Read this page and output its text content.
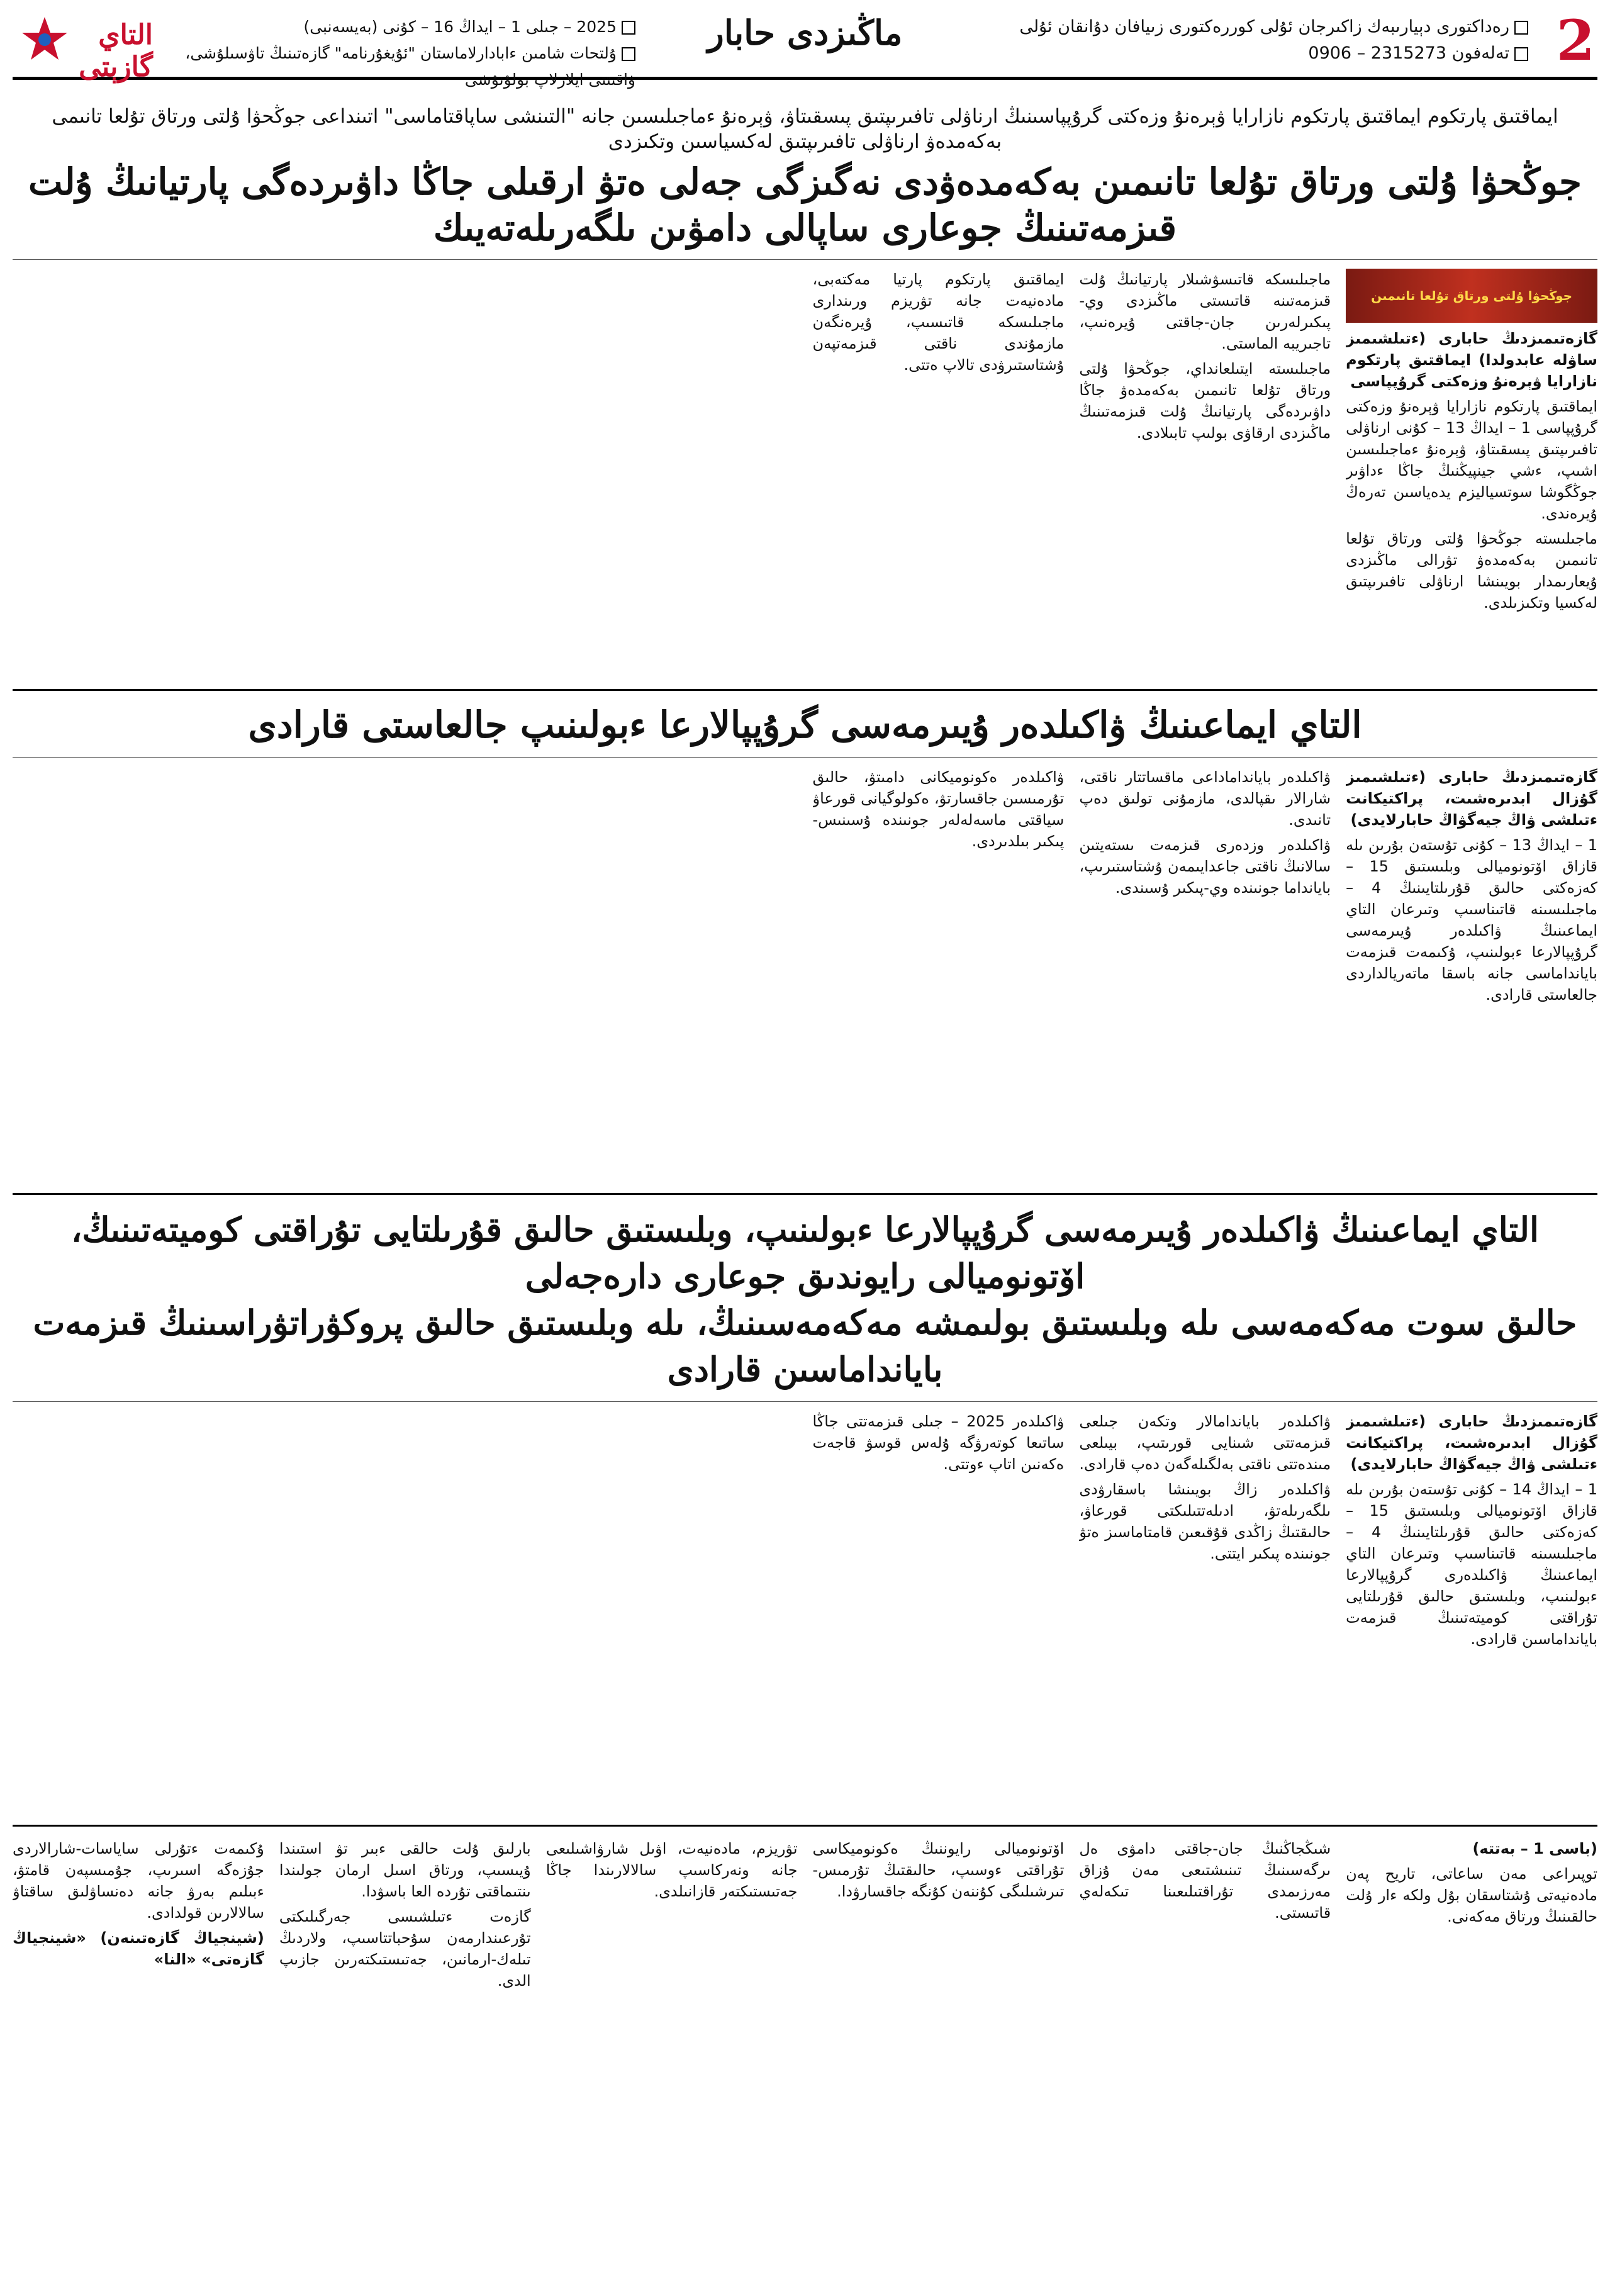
2
رەداكتورى دېيارىبەك زاكىرجان ئۇلى كوررەكتورى زىيافان دۇانقان ئۇلى
تەلەفون 2315273 – 0906
ماڭىزدى حابار
2025 – جىلى 1 – ايداڭ 16 – كۇنى (بەيسەنبى)
ۇلتحات شامىن ءابادارلاماستان "ئۇيغۇرنامە" گازەتىنىڭ تاۋسىلۇشى، ۋاقىتتى ايلارلاپ بولۇنۇشى
التاي گازېتى
ايماقتىق پارتكوم ايماقتىق پارتكوم نازارايا ۋېرەنۇ وزەكتى گرۇپپاسىنىڭ ارناۋلى تافىرىپتىق پىسقىتاۋ، ۋېرەنۇ ءماجىلىسىن جانە "التىنشى ساپاقتاماسى" اتىنداعى جوڭحۋا ۇلتى ورتاق تۇلعا تانىمى بەكەمدەۋ ارناۋلى تافىرىپتىق لەكسياسىن وتكىزدى
جوڭحۋا ۇلتى ورتاق تۇلعا تانىمىن بەكەمدەۋدى نەگىزگى جەلى ەتۋ ارقىلى جاڭا داۋىردەگى پارتيانىڭ ۇلت قىزمەتىنىڭ جوعارى ساپالى دامۋىن ىلگەرىلەتەيىك
جوڭحۋا ۇلتى ورتاق تۇلعا تانىمىن

گازەتىمىزدىڭ حابارى (ءتىلشىمىز ساۋلە عابدولدا) ايماقتىق پارتكوم نازارايا ۋېرەنۇ وزەكتى گرۇپپاسى

ايماقتىق پارتكوم نازارايا ۋېرەنۇ وزەكتى گرۇپپاسى 1 – ايداڭ 13 – كۇنى ارناۋلى تافىرىپتىق پىسقىتاۋ، ۋېرەنۇ ءماجىلىسىن اشىپ، ءشي جينپيڭنىڭ جاڭا ءداۋىر جوڭگوشا سوتسياليزم يدەياسىن تەرەڭ ۇيرەندى.

ماجىلىستە جوڭحۋا ۇلتى ورتاق تۇلعا تانىمىن بەكەمدەۋ تۋرالى ماڭىزدى ۇيعارىمدار بويىنشا ارناۋلى تافىرىپتىق لەكسيا وتكىزىلدى.

ماجىلىسكە قاتىسۋشىلار پارتيانىڭ ۇلت قىزمەتىنە قاتىستى ماڭىزدى وي-پىكىرلەرىن جان-جاقتى ۇيرەنىپ، تاجىريبە الماستى.

ماجىلىستە ايتىلعانداي، جوڭحۋا ۇلتى ورتاق تۇلعا تانىمىن بەكەمدەۋ جاڭا داۋىردەگى پارتيانىڭ ۇلت قىزمەتىنىڭ ماڭىزدى ارقاۋى بولىپ تابىلادى.

ايماقتىق پارتكوم پارتيا مەكتەبى، مادەنيەت جانە تۋريزم ورىندارى ماجىلىسكە قاتىسىپ، ۇيرەنگەن مازمۇندى ناقتى قىزمەتپەن ۇشتاستىرۋدى تالاپ ەتتى.

التاي ايماعىنىڭ ۋاكىلدەر ۇيىرمەسى گرۇپپالارعا ءبولىنىپ جالعاستى قارادى

گازەتىمىزدىڭ حابارى (ءتىلشىمىز گۇزال ابدىرەشىت، پراكتيكانت ءتىلشى ۋاڭ جيەگۋاڭ حابارلايدى)

1 – ايداڭ 13 – كۇنى تۇستەن بۇرىن ىلە قازاق اۆتونوميالى وبلىستىق 15 – كەزەكتى حالىق قۇرىلتايىنىڭ 4 – ماجىلىسىنە قاتىناسىپ وتىرعان التاي ايماعىنىڭ ۋاكىلدەر ۇيىرمەسى گرۇپپالارعا ءبولىنىپ، ۇكىمەت قىزمەت بايانداماسى جانە باسقا ماتەريالداردى جالعاستى قارادى.

ۋاكىلدەر بايانداماداعى ماقساتتار ناقتى، شارالار ىقپالدى، مازمۇنى تولىق دەپ تانىدى.

ۋاكىلدەر وزدەرى قىزمەت ىستەيتىن سالانىڭ ناقتى جاعدايىمەن ۇشتاستىرىپ، بايانداما جونىندە وي-پىكىر ۇسىندى.

ۋاكىلدەر ەكونوميكانى دامىتۋ، حالىق تۇرمىسىن جاقسارتۋ، ەكولوگيانى قورعاۋ سياقتى ماسەلەلەر جونىندە ۇسىنىس-پىكىر بىلدىردى.

التاي ايماعىنىڭ ۋاكىلدەر ۇيىرمەسى گرۇپپالارعا ءبولىنىپ، وبلىستىق حالىق قۇرىلتايى تۇراقتى كوميتەتىنىڭ، اۆتونوميالى رايوندىق جوعارى دارەجەلى
حالىق سوت مەكەمەسى ىلە وبلىستىق بولىمشە مەكەمەسىنىڭ، ىلە وبلىستىق حالىق پروكۋراتۋراسىنىڭ قىزمەت بايانداماسىن قارادى

گازەتىمىزدىڭ حابارى (ءتىلشىمىز گۇزال ابدىرەشىت، پراكتيكانت ءتىلشى ۋاڭ جيەگۋاڭ حابارلايدى)

1 – ايداڭ 14 – كۇنى تۇستەن بۇرىن ىلە قازاق اۆتونوميالى وبلىستىق 15 – كەزەكتى حالىق قۇرىلتايىنىڭ 4 – ماجىلىسىنە قاتىناسىپ وتىرعان التاي ايماعىنىڭ ۋاكىلدەرى گرۇپپالارعا ءبولىنىپ، وبلىستىق حالىق قۇرىلتايى تۇراقتى كوميتەتىنىڭ قىزمەت بايانداماسىن قارادى.

ۋاكىلدەر باياندامالار وتكەن جىلعى قىزمەتتى شىنايى قورىتىپ، بيىلعى مىندەتتى ناقتى بەلگىلەگەن دەپ قارادى.

ۋاكىلدەر زاڭ بويىنشا باسقارۋدى ىلگەرىلەتۋ، ادىلەتتىلىكتى قورعاۋ، حالىقتىڭ زاڭدى قۇقىعىن قامتاماسىز ەتۋ جونىندە پىكىر ايتتى.

ۋاكىلدەر 2025 – جىلى قىزمەتتى جاڭا ساتىعا كوتەرۋگە ۇلەس قوسۋ قاجەت ەكەنىن اتاپ ءوتتى.

(باسى 1 – بەتتە)

توپىراعى مەن ساعاتى، تاريح پەن مادەنيەتى ۇشتاسقان بۇل ولكە ءار ۇلت حالقىنىڭ ورتاق مەكەنى.

شىڭجاڭنىڭ جان-جاقتى دامۋى ەل ىرگەسىنىڭ تىنىشتىعى مەن ۇزاق مەرزىمدى تۇراقتىلىعىنا تىكەلەي قاتىستى.

اۆتونوميالى رايوننىڭ ەكونوميكاسى تۇراقتى ءوسىپ، حالىقتىڭ تۇرمىس-تىرشىلىگى كۇننەن كۇنگە جاقسارۋدا.

تۋريزم، مادەنيەت، اۋىل شارۋاشىلىعى جانە ونەركاسىپ سالالارىندا جاڭا جەتىستىكتەر قازانىلدى.

بارلىق ۇلت حالقى ءبىر تۋ استىندا ۇيىسىپ، ورتاق اسىل ارمان جولىندا ىنتىماقتى تۇردە العا باسۋدا.

گازەت ءتىلشىسى جەرگىلىكتى تۇرعىندارمەن سۇحباتتاسىپ، ولاردىڭ تىلەك-ارمانىن، جەتىستىكتەرىن جازىپ الدى.

ۇكىمەت ءتۇرلى ساياسات-شارالاردى جۇزەگە اسىرىپ، جۇمىسپەن قامتۋ، ءبىلىم بەرۋ جانە دەنساۋلىق ساقتاۋ سالالارىن قولدادى.

(شينجياڭ گازەتىنەن) «شينجياڭ گازەتى» «النا»
